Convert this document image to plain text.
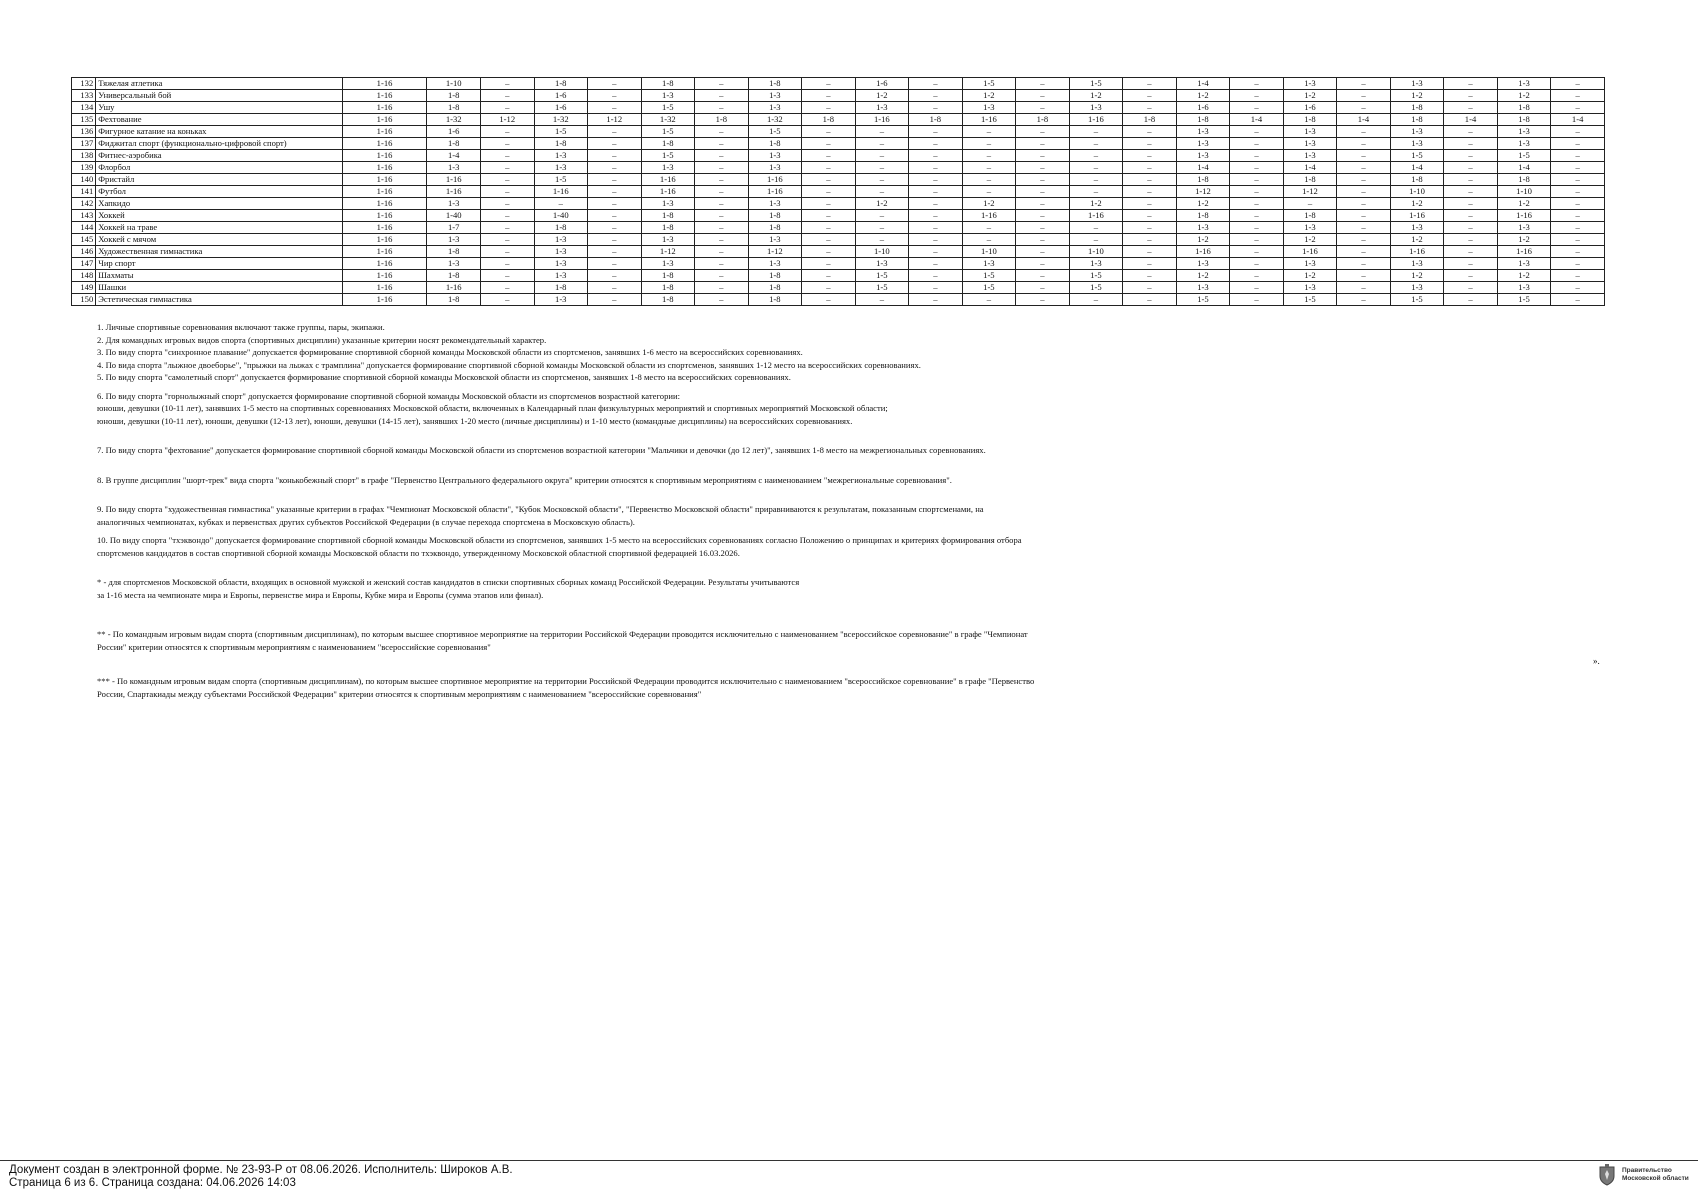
132	Тяжелая атлетика	1-16	1-10	–	1-8	–	1-8	–	1-8	–	1-6	–	1-5	–	1-5	–	1-4	–	1-3	–	1-3	–	1-3	–
133	Универсальный бой	1-16	1-8	–	1-6	–	1-3	–	1-3	–	1-2	–	1-2	–	1-2	–	1-2	–	1-2	–	1-2	–	1-2	–
134	Ушу	1-16	1-8	–	1-6	–	1-5	–	1-3	–	1-3	–	1-3	–	1-3	–	1-6	–	1-6	–	1-8	–	1-8	–
135	Фехтование	1-16	1-32	1-12	1-32	1-12	1-32	1-8	1-32	1-8	1-16	1-8	1-16	1-8	1-16	1-8	1-8	1-4	1-8	1-4	1-8	1-4	1-8	1-4
136	Фигурное катание на коньках	1-16	1-6	–	1-5	–	1-5	–	1-5	–	–	–	–	–	–	–	1-3	–	1-3	–	1-3	–	1-3	–
137	Фиджитал спорт (функционально-цифровой спорт)	1-16	1-8	–	1-8	–	1-8	–	1-8	–	–	–	–	–	–	–	1-3	–	1-3	–	1-3	–	1-3	–
138	Фитнес-аэробика	1-16	1-4	–	1-3	–	1-5	–	1-3	–	–	–	–	–	–	–	1-3	–	1-3	–	1-5	–	1-5	–
139	Флорбол	1-16	1-3	–	1-3	–	1-3	–	1-3	–	–	–	–	–	–	–	1-4	–	1-4	–	1-4	–	1-4	–
140	Фристайл	1-16	1-16	–	1-5	–	1-16	–	1-16	–	–	–	–	–	–	–	1-8	–	1-8	–	1-8	–	1-8	–
141	Футбол	1-16	1-16	–	1-16	–	1-16	–	1-16	–	–	–	–	–	–	–	1-12	–	1-12	–	1-10	–	1-10	–
142	Хапкидо	1-16	1-3	–	–	–	1-3	–	1-3	–	1-2	–	1-2	–	1-2	–	1-2	–	–	–	1-2	–	1-2	–
143	Хоккей	1-16	1-40	–	1-40	–	1-8	–	1-8	–	–	–	1-16	–	1-16	–	1-8	–	1-8	–	1-16	–	1-16	–
144	Хоккей на траве	1-16	1-7	–	1-8	–	1-8	–	1-8	–	–	–	–	–	–	–	1-3	–	1-3	–	1-3	–	1-3	–
145	Хоккей с мячом	1-16	1-3	–	1-3	–	1-3	–	1-3	–	–	–	–	–	–	–	1-2	–	1-2	–	1-2	–	1-2	–
146	Художественная гимнастика	1-16	1-8	–	1-3	–	1-12	–	1-12	–	1-10	–	1-10	–	1-10	–	1-16	–	1-16	–	1-16	–	1-16	–
147	Чир спорт	1-16	1-3	–	1-3	–	1-3	–	1-3	–	1-3	–	1-3	–	1-3	–	1-3	–	1-3	–	1-3	–	1-3	–
148	Шахматы	1-16	1-8	–	1-3	–	1-8	–	1-8	–	1-5	–	1-5	–	1-5	–	1-2	–	1-2	–	1-2	–	1-2	–
149	Шашки	1-16	1-16	–	1-8	–	1-8	–	1-8	–	1-5	–	1-5	–	1-5	–	1-3	–	1-3	–	1-3	–	1-3	–
150	Эстетическая гимнастика	1-16	1-8	–	1-3	–	1-8	–	1-8	–	–	–	–	–	–	–	1-5	–	1-5	–	1-5	–	1-5	–

1. Личные спортивные соревнования включают также группы, пары, экипажи.

2. Для командных игровых видов спорта (спортивных дисциплин) указанные критерии носят рекомендательный характер.

3. По виду спорта "синхронное плавание" допускается формирование спортивной сборной команды Московской области из спортсменов, занявших 1-6 место на всероссийских соревнованиях.

4. По вида спорта "лыжное двоеборье", "прыжки на лыжах с трамплина" допускается формирование спортивной сборной команды Московской области из спортсменов, занявших 1-12 место на всероссийских соревнованиях.

5. По виду спорта "самолетный спорт" допускается формирование спортивной сборной команды Московской области из спортсменов, занявших 1-8 место на всероссийских соревнованиях.

6. По виду спорта "горнолыжный спорт" допускается формирование спортивной сборной команды Московской области из спортсменов возрастной категории:

юноши, девушки (10-11 лет), занявших 1-5 место на спортивных соревнованиях Московской области, включенных в Календарный план физкультурных мероприятий и спортивных мероприятий Московской области;

юноши, девушки (10-11 лет), юноши, девушки (12-13 лет), юноши, девушки (14-15 лет), занявших 1-20 место (личные дисциплины) и 1-10 место (командные дисциплины) на всероссийских соревнованиях.

7. По виду спорта "фехтование" допускается формирование спортивной сборной команды Московской области из спортсменов возрастной категории "Мальчики и девочки (до 12 лет)", занявших 1-8 место на межрегиональных соревнованиях.

8. В группе дисциплин "шорт-трек" вида спорта "конькобежный спорт" в графе "Первенство Центрального федерального округа" критерии относятся к спортивным мероприятиям с наименованием "межрегиональные соревнования".

9. По виду спорта "художественная гимнастика" указанные критерии в графах "Чемпионат Московской области", "Кубок Московской области", "Первенство Московской области" приравниваются к результатам, показанным спортсменами, на

аналогичных чемпионатах, кубках и первенствах других субъектов Российской Федерации (в случае перехода спортсмена в Московскую область).

10. По виду спорта "тхэквондо" допускается формирование спортивной сборной команды Московской области из спортсменов, занявших 1-5 место на всероссийских соревнованиях согласно Положению о принципах и критериях формирования отбора

спортсменов кандидатов в состав спортивной сборной команды Московской области по тхэквондо, утвержденному Московской областной спортивной федерацией 16.03.2026.

* - для спортсменов Московской области, входящих в основной мужской и женский состав кандидатов в списки спортивных сборных команд Российской Федерации. Результаты учитываются

за 1-16 места на чемпионате мира и Европы, первенстве мира и Европы, Кубке мира и Европы (сумма этапов или финал).

** - По командным игровым видам спорта (спортивным дисциплинам), по которым высшее спортивное мероприятие на территории Российской Федерации проводится исключительно с наименованием "всероссийское соревнование" в графе "Чемпионат

России" критерии относятся к спортивным мероприятиям с наименованием "всероссийские соревнования"

*** - По командным игровым видам спорта (спортивным дисциплинам), по которым высшее спортивное мероприятие на территории Российской Федерации проводится исключительно с наименованием "всероссийское соревнование" в графе "Первенство

России, Спартакиады между субъектами Российской Федерации" критерии относятся к спортивным мероприятиям с наименованием "всероссийские соревнования"

».
Документ создан в электронной форме. № 23-93-Р от 08.06.2026. Исполнитель: Широков А.В.
Страница 6 из 6. Страница создана: 04.06.2026 14:03
Правительство
Московской области
